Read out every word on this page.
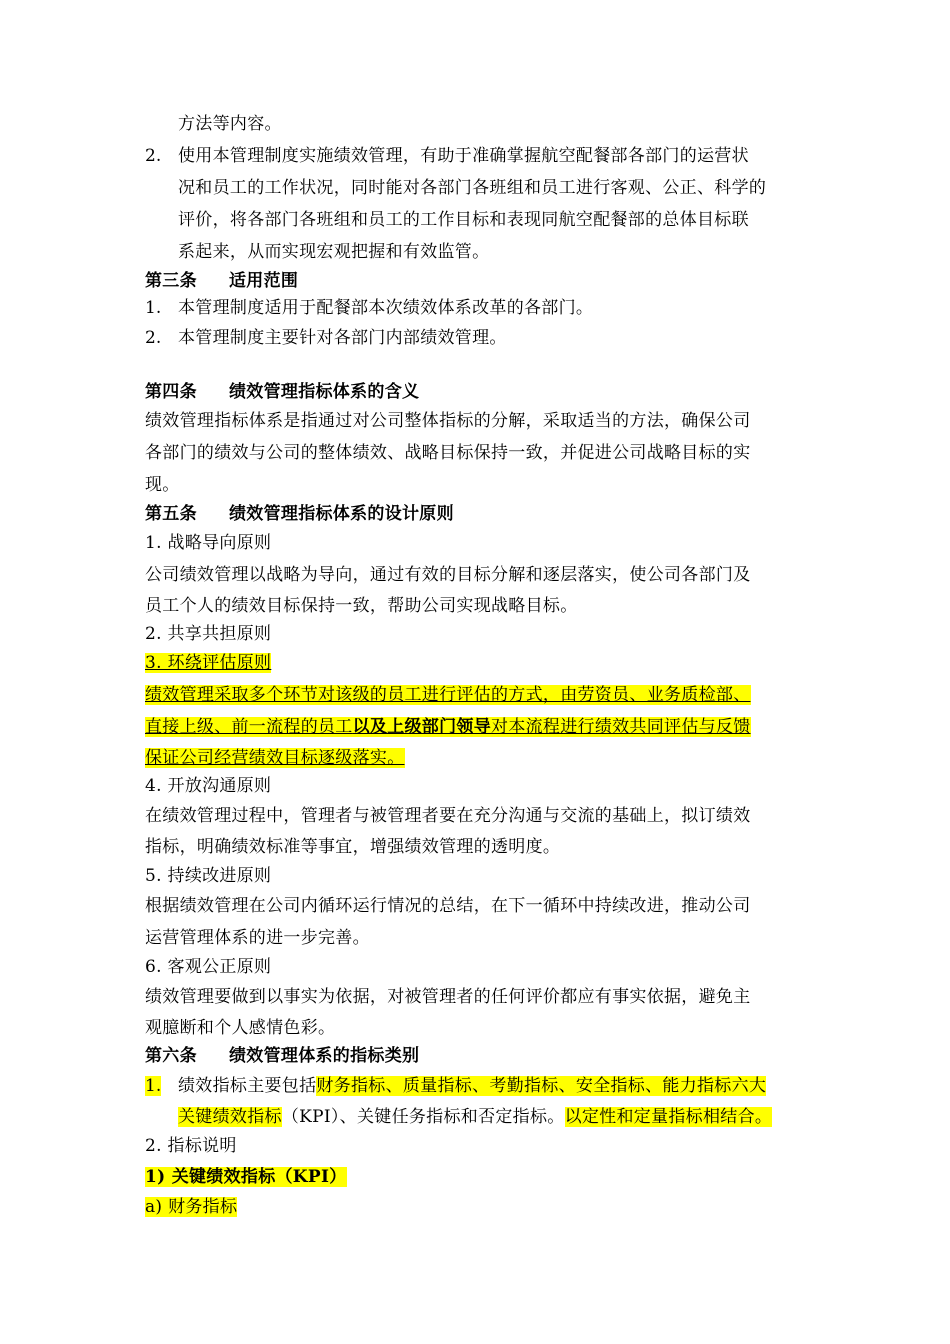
方法等内容。
2. 使用本管理制度实施绩效管理，有助于准确掌握航空配餐部各部门的运营状
况和员工的工作状况，同时能对各部门各班组和员工进行客观、公正、科学的
评价，将各部门各班组和员工的工作目标和表现同航空配餐部的总体目标联
系起来，从而实现宏观把握和有效监管。
第三条 适用范围
1. 本管理制度适用于配餐部本次绩效体系改革的各部门。
2. 本管理制度主要针对各部门内部绩效管理。
第四条 绩效管理指标体系的含义
绩效管理指标体系是指通过对公司整体指标的分解，采取适当的方法，确保公司
各部门的绩效与公司的整体绩效、战略目标保持一致，并促进公司战略目标的实
现。
第五条 绩效管理指标体系的设计原则
1. 战略导向原则
公司绩效管理以战略为导向，通过有效的目标分解和逐层落实，使公司各部门及
员工个人的绩效目标保持一致，帮助公司实现战略目标。
2. 共享共担原则
3. 环绕评估原则
绩效管理采取多个环节对该级的员工进行评估的方式，由劳资员、业务质检部、
直接上级、前一流程的员工以及上级部门领导对本流程进行绩效共同评估与反馈
保证公司经营绩效目标逐级落实。
4. 开放沟通原则
在绩效管理过程中，管理者与被管理者要在充分沟通与交流的基础上，拟订绩效
指标，明确绩效标准等事宜，增强绩效管理的透明度。
5. 持续改进原则
根据绩效管理在公司内循环运行情况的总结，在下一循环中持续改进，推动公司
运营管理体系的进一步完善。
6. 客观公正原则
绩效管理要做到以事实为依据，对被管理者的任何评价都应有事实依据，避免主
观臆断和个人感情色彩。
第六条 绩效管理体系的指标类别
1. 绩效指标主要包括财务指标、质量指标、考勤指标、安全指标、能力指标六大
关键绩效指标（KPI）、关键任务指标和否定指标。以定性和定量指标相结合。
2. 指标说明
1) 关键绩效指标（KPI）
a) 财务指标
